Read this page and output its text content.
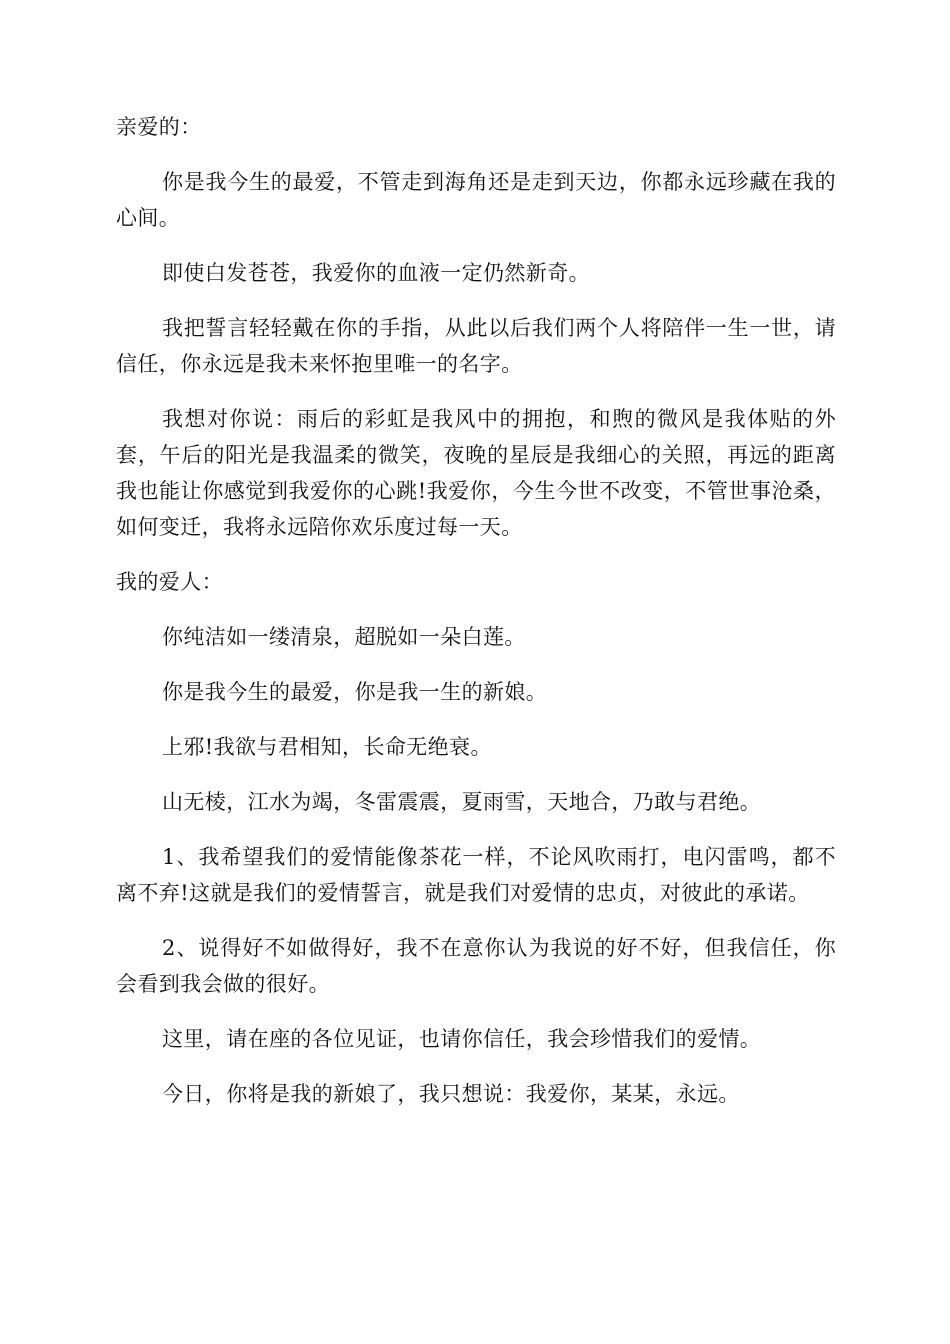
亲爱的：

你是我今生的最爱，不管走到海角还是走到天边，你都永远珍藏在我的心间。

即使白发苍苍，我爱你的血液一定仍然新奇。

我把誓言轻轻戴在你的手指，从此以后我们两个人将陪伴一生一世，请信任，你永远是我未来怀抱里唯一的名字。

我想对你说：雨后的彩虹是我风中的拥抱，和煦的微风是我体贴的外套，午后的阳光是我温柔的微笑，夜晚的星辰是我细心的关照，再远的距离我也能让你感觉到我爱你的心跳!我爱你，今生今世不改变，不管世事沧桑，如何变迁，我将永远陪你欢乐度过每一天。

我的爱人：

你纯洁如一缕清泉，超脱如一朵白莲。

你是我今生的最爱，你是我一生的新娘。

上邪!我欲与君相知，长命无绝衰。

山无棱，江水为竭，冬雷震震，夏雨雪，天地合，乃敢与君绝。

1、我希望我们的爱情能像茶花一样，不论风吹雨打，电闪雷鸣，都不离不弃!这就是我们的爱情誓言，就是我们对爱情的忠贞，对彼此的承诺。

2、说得好不如做得好，我不在意你认为我说的好不好，但我信任，你会看到我会做的很好。

这里，请在座的各位见证，也请你信任，我会珍惜我们的爱情。

今日，你将是我的新娘了，我只想说：我爱你，某某，永远。
